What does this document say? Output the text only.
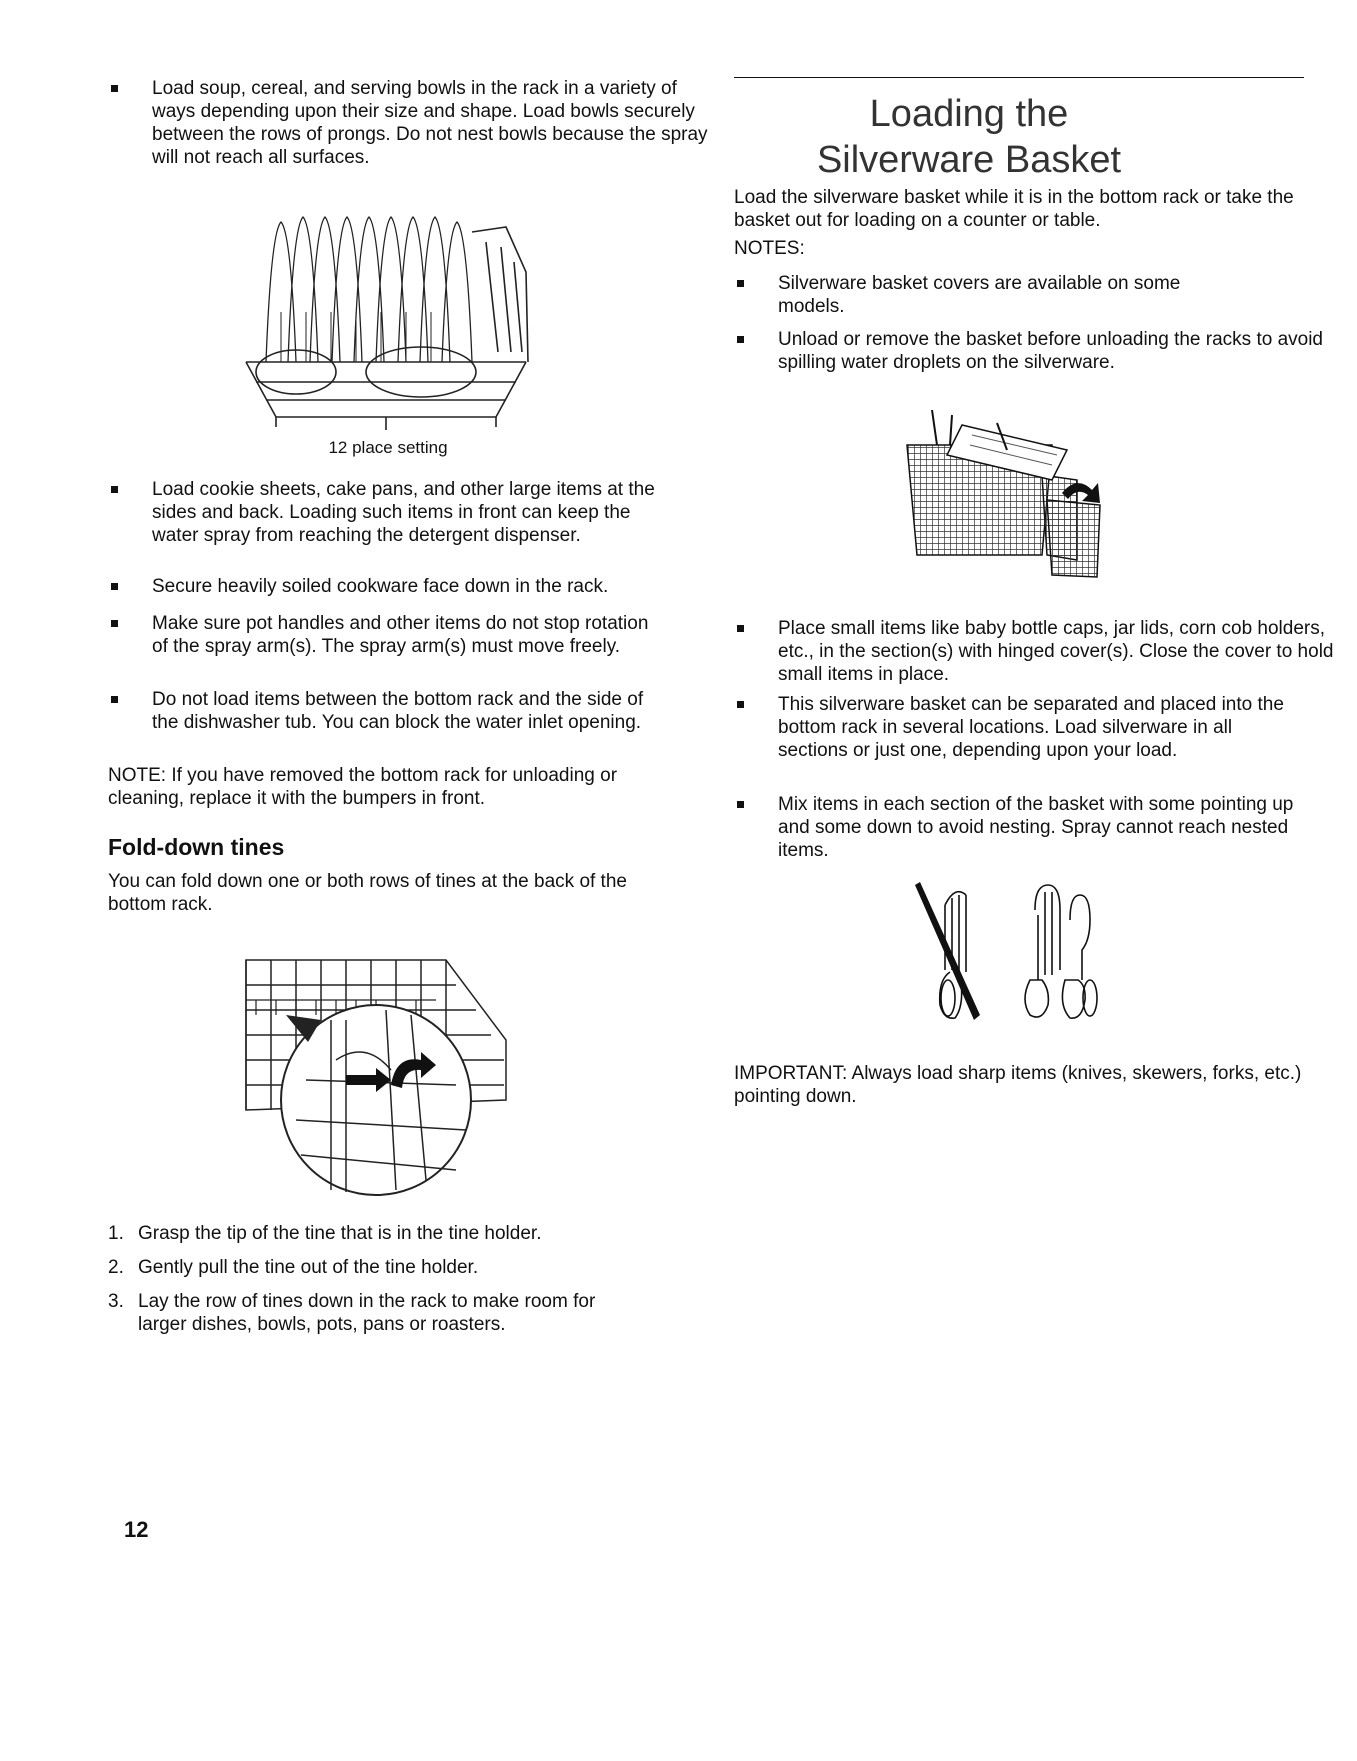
Load soup, cereal, and serving bowls in the rack in a variety of ways depending upon their size and shape. Load bowls securely between the rows of prongs. Do not nest bowls because the spray will not reach all surfaces.

12 place setting

Load cookie sheets, cake pans, and other large items at the sides and back. Loading such items in front can keep the water spray from reaching the detergent dispenser.

Secure heavily soiled cookware face down in the rack.

Make sure pot handles and other items do not stop rotation of the spray arm(s). The spray arm(s) must move freely.

Do not load items between the bottom rack and the side of the dishwasher tub. You can block the water inlet opening.

NOTE: If you have removed the bottom rack for unloading or cleaning, replace it with the bumpers in front.

Fold-down tines

You can fold down one or both rows of tines at the back of the bottom rack.

1. Grasp the tip of the tine that is in the tine holder.
2. Gently pull the tine out of the tine holder.
3. Lay the row of tines down in the rack to make room for larger dishes, bowls, pots, pans or roasters.
12
Loading the
Silverware Basket

Load the silverware basket while it is in the bottom rack or take the basket out for loading on a counter or table.

NOTES:

Silverware basket covers are available on some models.

Unload or remove the basket before unloading the racks to avoid spilling water droplets on the silverware.

Place small items like baby bottle caps, jar lids, corn cob holders, etc., in the section(s) with hinged cover(s). Close the cover to hold small items in place.

This silverware basket can be separated and placed into the bottom rack in several locations. Load silverware in all sections or just one, depending upon your load.

Mix items in each section of the basket with some pointing up and some down to avoid nesting. Spray cannot reach nested items.

IMPORTANT: Always load sharp items (knives, skewers, forks, etc.) pointing down.
